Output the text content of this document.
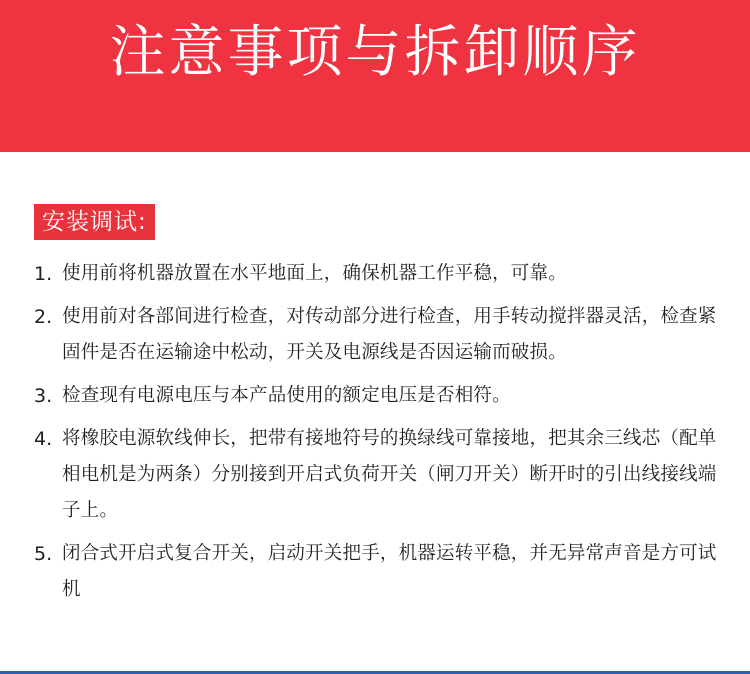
注意事项与拆卸顺序
安装调试:
1. 使用前将机器放置在水平地面上，确保机器工作平稳，可靠。
2. 使用前对各部间进行检查，对传动部分进行检查，用手转动搅拌器灵活，检查紧固件是否在运输途中松动，开关及电源线是否因运输而破损。
3. 检查现有电源电压与本产品使用的额定电压是否相符。
4. 将橡胶电源软线伸长，把带有接地符号的换绿线可靠接地，把其余三线芯（配单相电机是为两条）分别接到开启式负荷开关（闸刀开关）断开时的引出线接线端子上。
5. 闭合式开启式复合开关，启动开关把手，机器运转平稳，并无异常声音是方可试机
